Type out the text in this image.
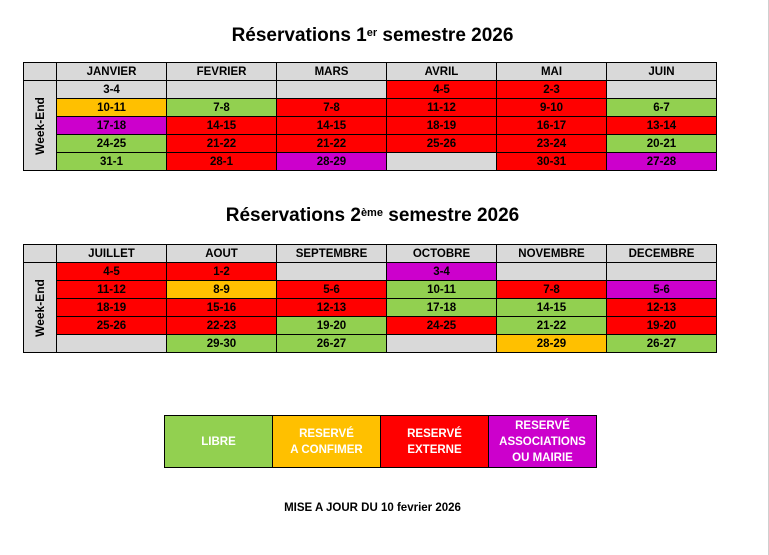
Réservations 1er semestre 2026
	JANVIER	FEVRIER	MARS	AVRIL	MAI	JUIN

Week-End	3-4			4-5	2-3	
	10-11	7-8	7-8	11-12	9-10	6-7
	17-18	14-15	14-15	18-19	16-17	13-14
	24-25	21-22	21-22	25-26	23-24	20-21
	31-1	28-1	28-29		30-31	27-28
Réservations 2ème semestre 2026
	JUILLET	AOUT	SEPTEMBRE	OCTOBRE	NOVEMBRE	DECEMBRE

Week-End	4-5	1-2		3-4		
	11-12	8-9	5-6	10-11	7-8	5-6
	18-19	15-16	12-13	17-18	14-15	12-13
	25-26	22-23	19-20	24-25	21-22	19-20
		29-30	26-27		28-29	26-27
LIBRE	RESERVÉ
A CONFIMER	RESERVÉ
EXTERNE	RESERVÉ
ASSOCIATIONS
OU MAIRIE
MISE A JOUR DU 10 fevrier 2026
